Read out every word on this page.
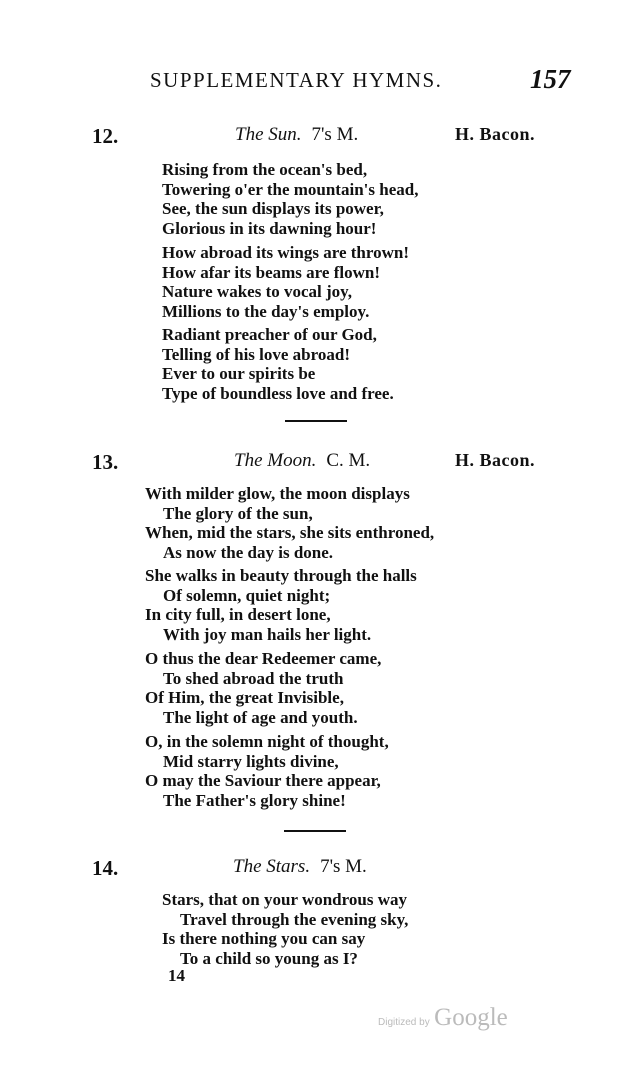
SUPPLEMENTARY HYMNS.	157
12.	The Sun. 7's M.	H. Bacon.
Rising from the ocean's bed,
Towering o'er the mountain's head,
See, the sun displays its power,
Glorious in its dawning hour!
How abroad its wings are thrown!
How afar its beams are flown!
Nature wakes to vocal joy,
Millions to the day's employ.
Radiant preacher of our God,
Telling of his love abroad!
Ever to our spirits be
Type of boundless love and free.
13.	The Moon. C. M.	H. Bacon.
With milder glow, the moon displays
The glory of the sun,
When, mid the stars, she sits enthroned,
As now the day is done.
She walks in beauty through the halls
Of solemn, quiet night;
In city full, in desert lone,
With joy man hails her light.
O thus the dear Redeemer came,
To shed abroad the truth
Of Him, the great Invisible,
The light of age and youth.
O, in the solemn night of thought,
Mid starry lights divine,
O may the Saviour there appear,
The Father's glory shine!
14.	The Stars. 7's M.
Stars, that on your wondrous way
Travel through the evening sky,
Is there nothing you can say
To a child so young as I?
14
Digitized by Google
